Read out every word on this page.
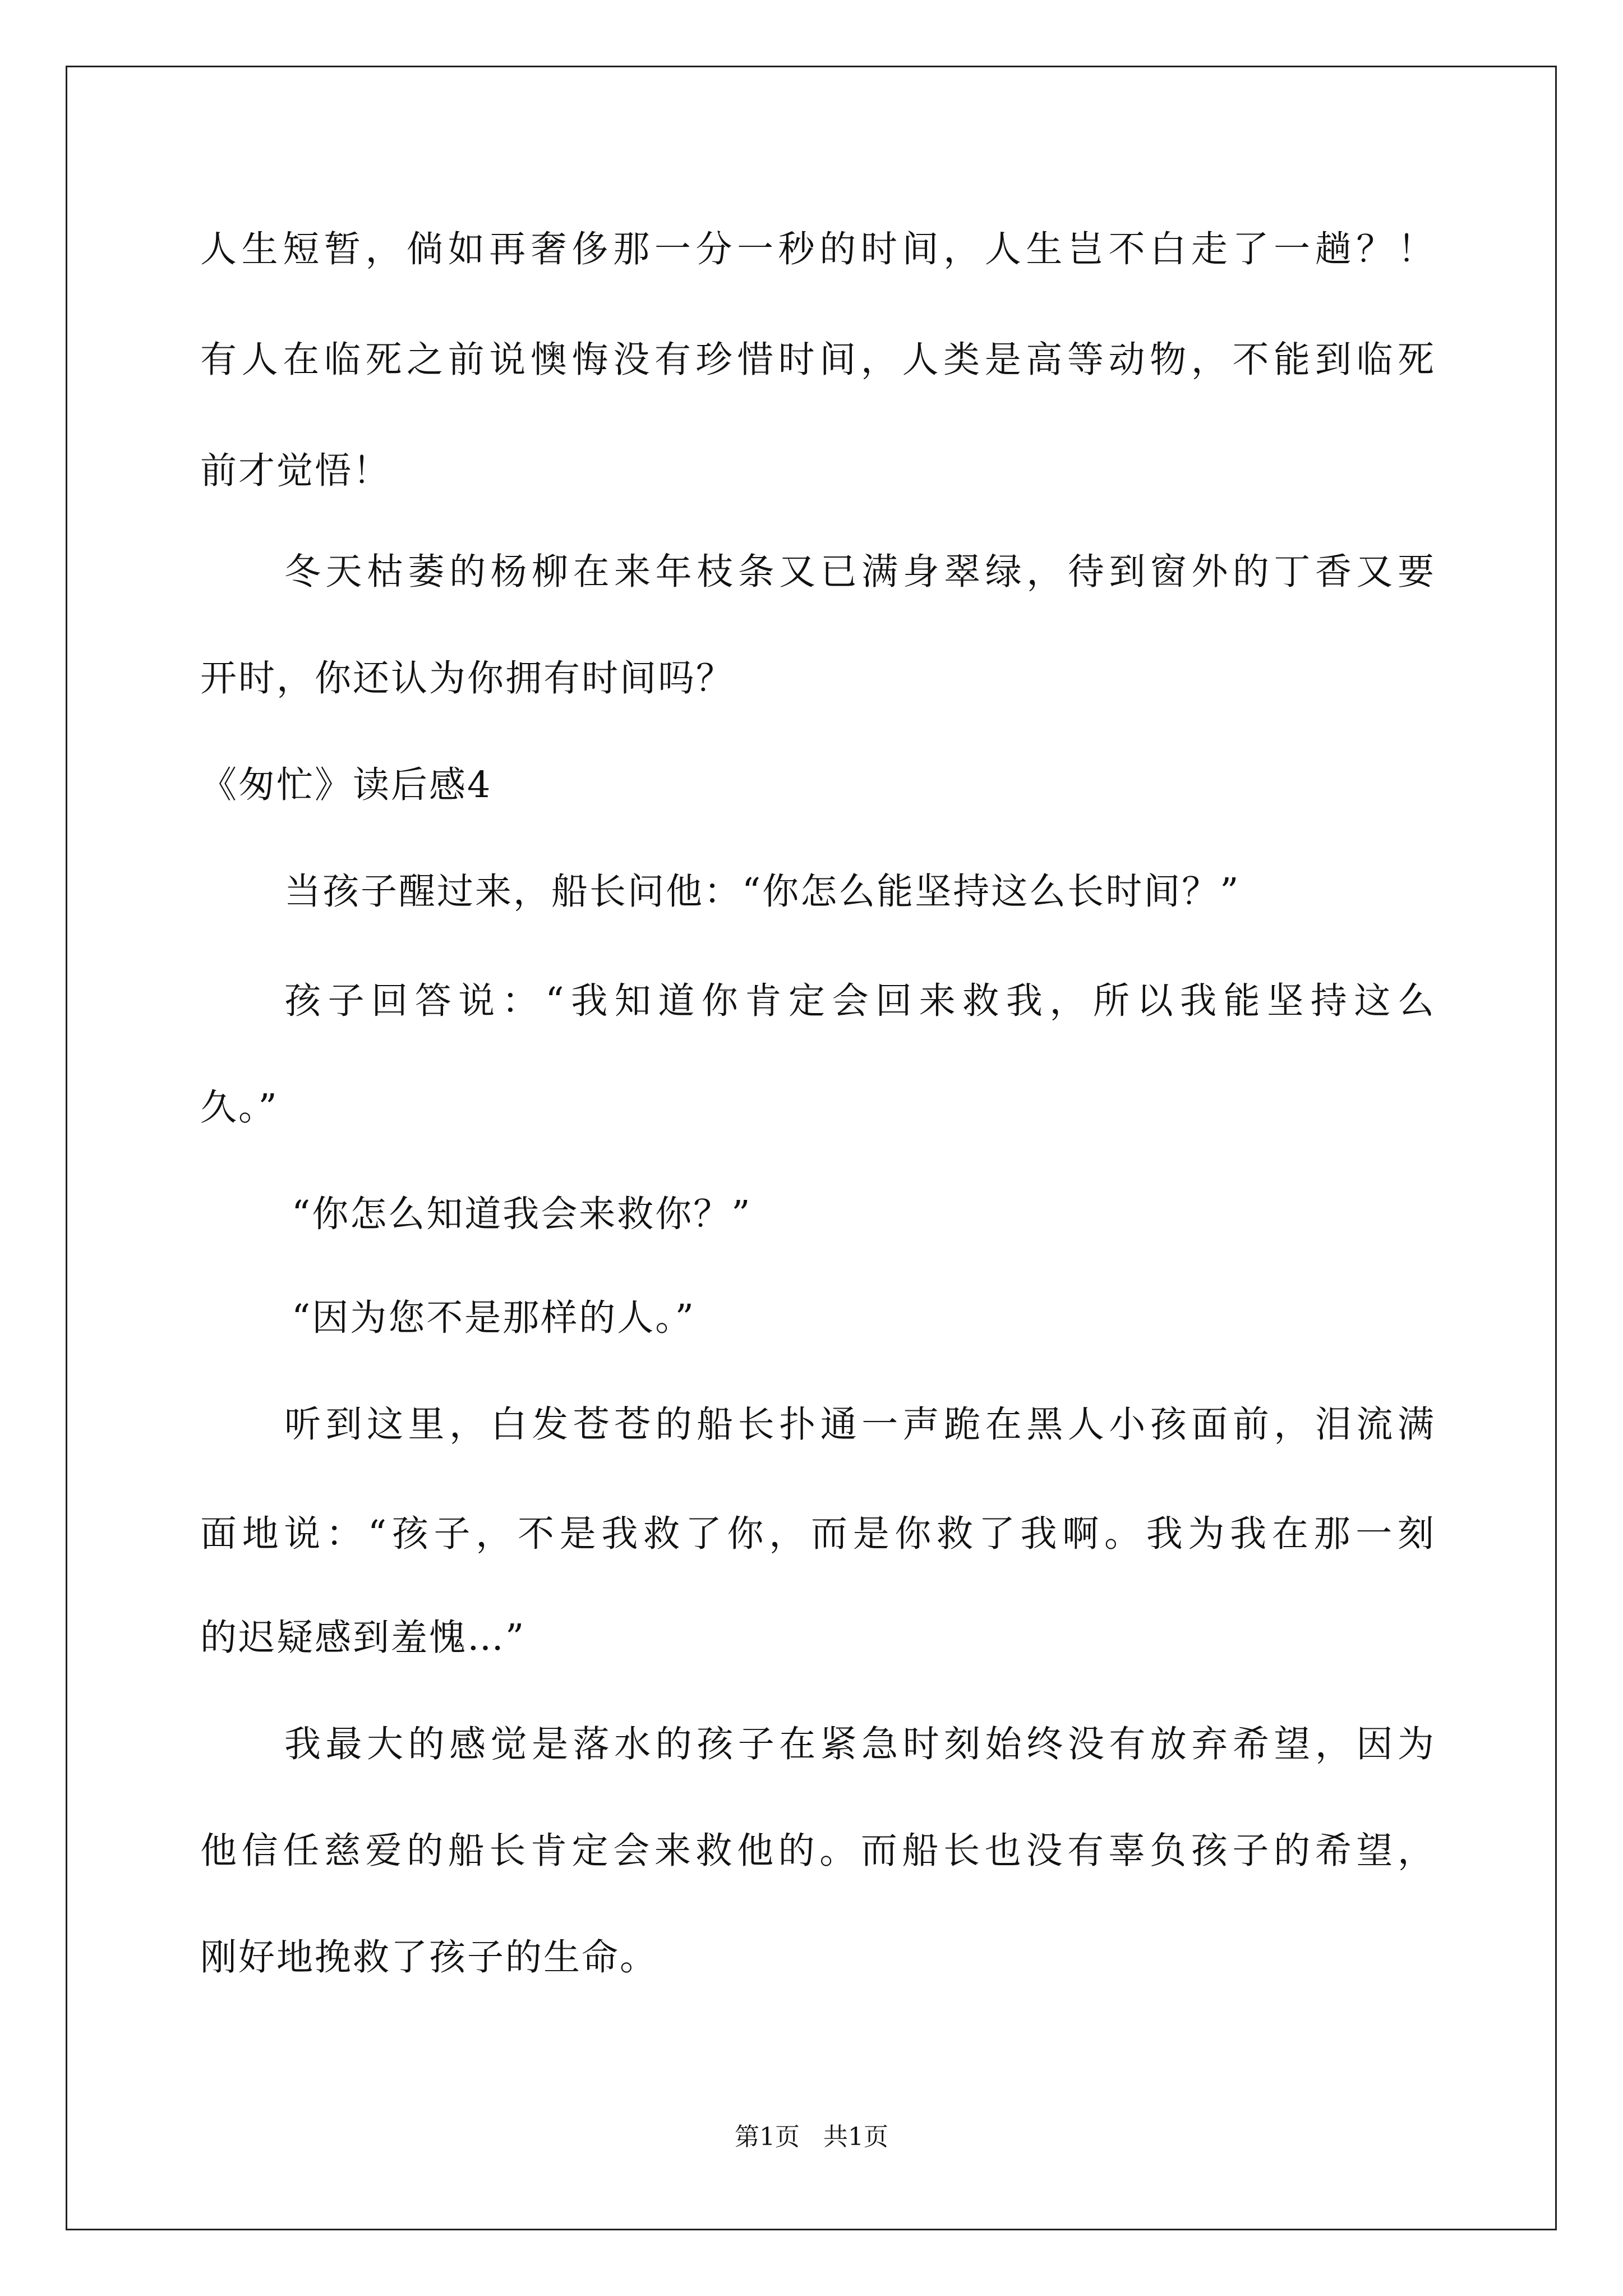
人生短暂，倘如再奢侈那一分一秒的时间，人生岂不白走了一趟？！
有人在临死之前说懊悔没有珍惜时间，人类是高等动物，不能到临死
前才觉悟！
冬天枯萎的杨柳在来年枝条又已满身翠绿，待到窗外的丁香又要
开时，你还认为你拥有时间吗？
《匆忙》读后感4
当孩子醒过来，船长问他：“你怎么能坚持这么长时间？”
孩子回答说：“我知道你肯定会回来救我，所以我能坚持这么
久。”
“你怎么知道我会来救你？”
“因为您不是那样的人。”
听到这里，白发苍苍的船长扑通一声跪在黑人小孩面前，泪流满
面地说：“孩子，不是我救了你，而是你救了我啊。我为我在那一刻
的迟疑感到羞愧…”
我最大的感觉是落水的孩子在紧急时刻始终没有放弃希望，因为
他信任慈爱的船长肯定会来救他的。而船长也没有辜负孩子的希望，
刚好地挽救了孩子的生命。
第1页   共1页
